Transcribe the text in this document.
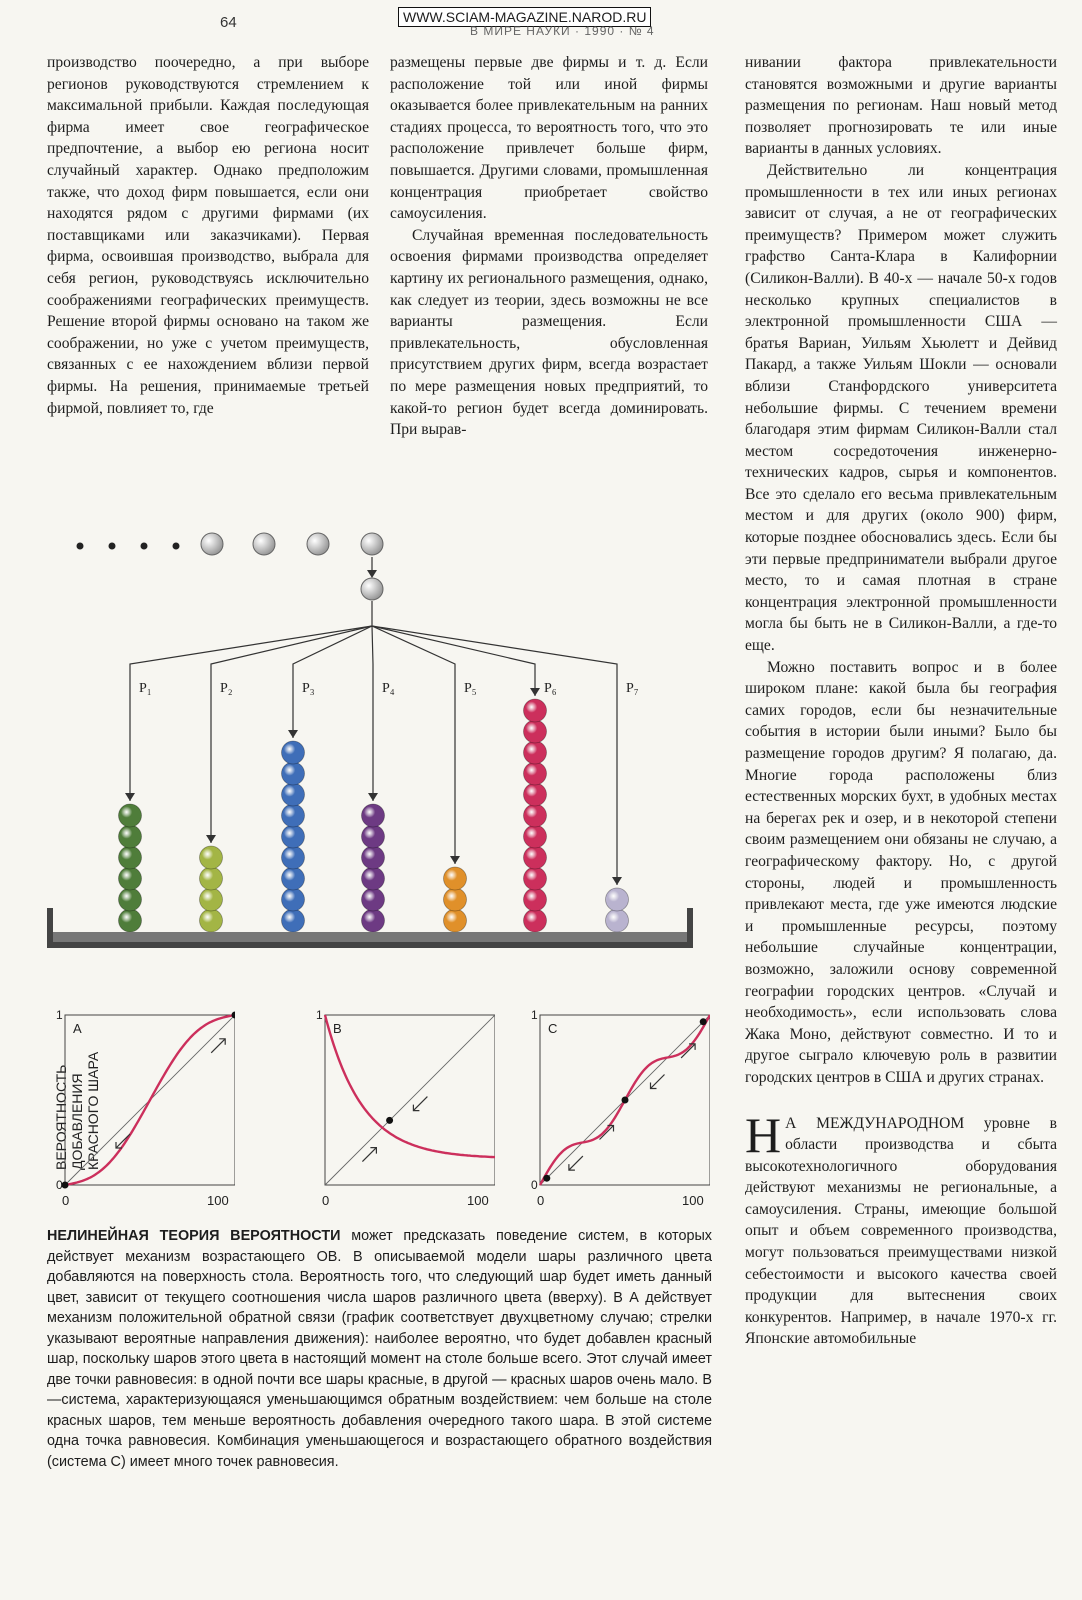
64	WWW.SCIAM-MAGAZINE.NAROD.RU
В МИРЕ НАУКИ · 1990 · № 4

производство поочередно, а при выборе регионов руководствуются стремлением к максимальной прибыли. Каждая последующая фирма имеет свое географическое предпочтение, а выбор ею региона носит случайный характер. Однако предположим также, что доход фирм повышается, если они находятся рядом с другими фирмами (их поставщиками или заказчиками). Первая фирма, освоившая производство, выбрала для себя регион, руководствуясь исключительно соображениями географических преимуществ. Решение второй фирмы основано на таком же соображении, но уже с учетом преимуществ, связанных с ее нахождением вблизи первой фирмы. На решения, принимаемые третьей фирмой, повлияет то, где

размещены первые две фирмы и т. д. Если расположение той или иной фирмы оказывается более привлекательным на ранних стадиях процесса, то вероятность того, что это расположение привлечет больше фирм, повышается. Другими словами, промышленная концентрация приобретает свойство самоусиления.

Случайная временная последовательность освоения фирмами производства определяет картину их регионального размещения, однако, как следует из теории, здесь возможны не все варианты размещения. Если привлекательность, обусловленная присутствием других фирм, всегда возрастает по мере размещения новых предприятий, то какой-то регион будет всегда доминировать. При вырав-

нивании фактора привлекательности становятся возможными и другие варианты размещения по регионам. Наш новый метод позволяет прогнозировать те или иные варианты в данных условиях.

Действительно ли концентрация промышленности в тех или иных регионах зависит от случая, а не от географических преимуществ? Примером может служить графство Санта-Клара в Калифорнии (Силикон-Валли). В 40-х — начале 50-х годов несколько крупных специалистов в электронной промышленности США — братья Вариан, Уильям Хьюлетт и Дейвид Пакард, а также Уильям Шокли — основали вблизи Станфордского университета небольшие фирмы. С течением времени благодаря этим фирмам Силикон-Валли стал местом сосредоточения инженерно-технических кадров, сырья и компонентов. Все это сделало его весьма привлекательным местом и для других (около 900) фирм, которые позднее обосновались здесь. Если бы эти первые предприниматели выбрали другое место, то и самая плотная в стране концентрация электронной промышленности могла бы быть не в Силикон-Валли, а где-то еще.

Можно поставить вопрос и в более широком плане: какой была бы география самих городов, если бы незначительные события в истории были иными? Было бы размещение городов другим? Я полагаю, да. Многие города расположены близ естественных морских бухт, в удобных местах на берегах рек и озер, и в некоторой степени своим размещением они обязаны не случаю, а географическому фактору. Но, с другой стороны, людей и промышленность привлекают места, где уже имеются людские и промышленные ресурсы, поэтому небольшие случайные концентрации, возможно, заложили основу современной географии городских центров. «Случай и необходимость», если использовать слова Жака Моно, действуют совместно. И то и другое сыграло ключевую роль в развитии городских центров в США и других странах.

Н А МЕЖДУНАРОДНОМ уровне в области производства и сбыта высокотехнологичного оборудования действуют механизмы не региональные, а самоусиления. Страны, имеющие большой опыт и объем современного производства, могут пользоваться преимуществами низкой себестоимости и высокого качества своей продукции для вытеснения своих конкурентов. Например, в начале 1970-х гг. Японские автомобильные

P₁	P₂	P₃	P₄	P₅	P₆	P₇
ВЕРОЯТНОСТЬ ДОБАВЛЕНИЯ КРАСНОГО ШАРА
A
1
0
0	100
B
1
0	100
C
1
0
0	100
НЕЛИНЕЙНАЯ ТЕОРИЯ ВЕРОЯТНОСТИ может предсказать поведение систем, в которых действует механизм возрастающего ОВ. В описываемой модели шары различного цвета добавляются на поверхность стола. Вероятность того, что следующий шар будет иметь данный цвет, зависит от текущего соотношения числа шаров различного цвета (вверху). В А действует механизм положительной обратной связи (график соответствует двухцветному случаю; стрелки указывают вероятные направления движения): наиболее вероятно, что будет добавлен красный шар, поскольку шаров этого цвета в настоящий момент на столе больше всего. Этот случай имеет две точки равновесия: в одной почти все шары красные, в другой — красных шаров очень мало. В —система, характеризующаяся уменьшающимся обратным воздействием: чем больше на столе красных шаров, тем меньше вероятность добавления очередного такого шара. В этой системе одна точка равновесия. Комбинация уменьшающегося и возрастающего обратного воздействия (система С) имеет много точек равновесия.
